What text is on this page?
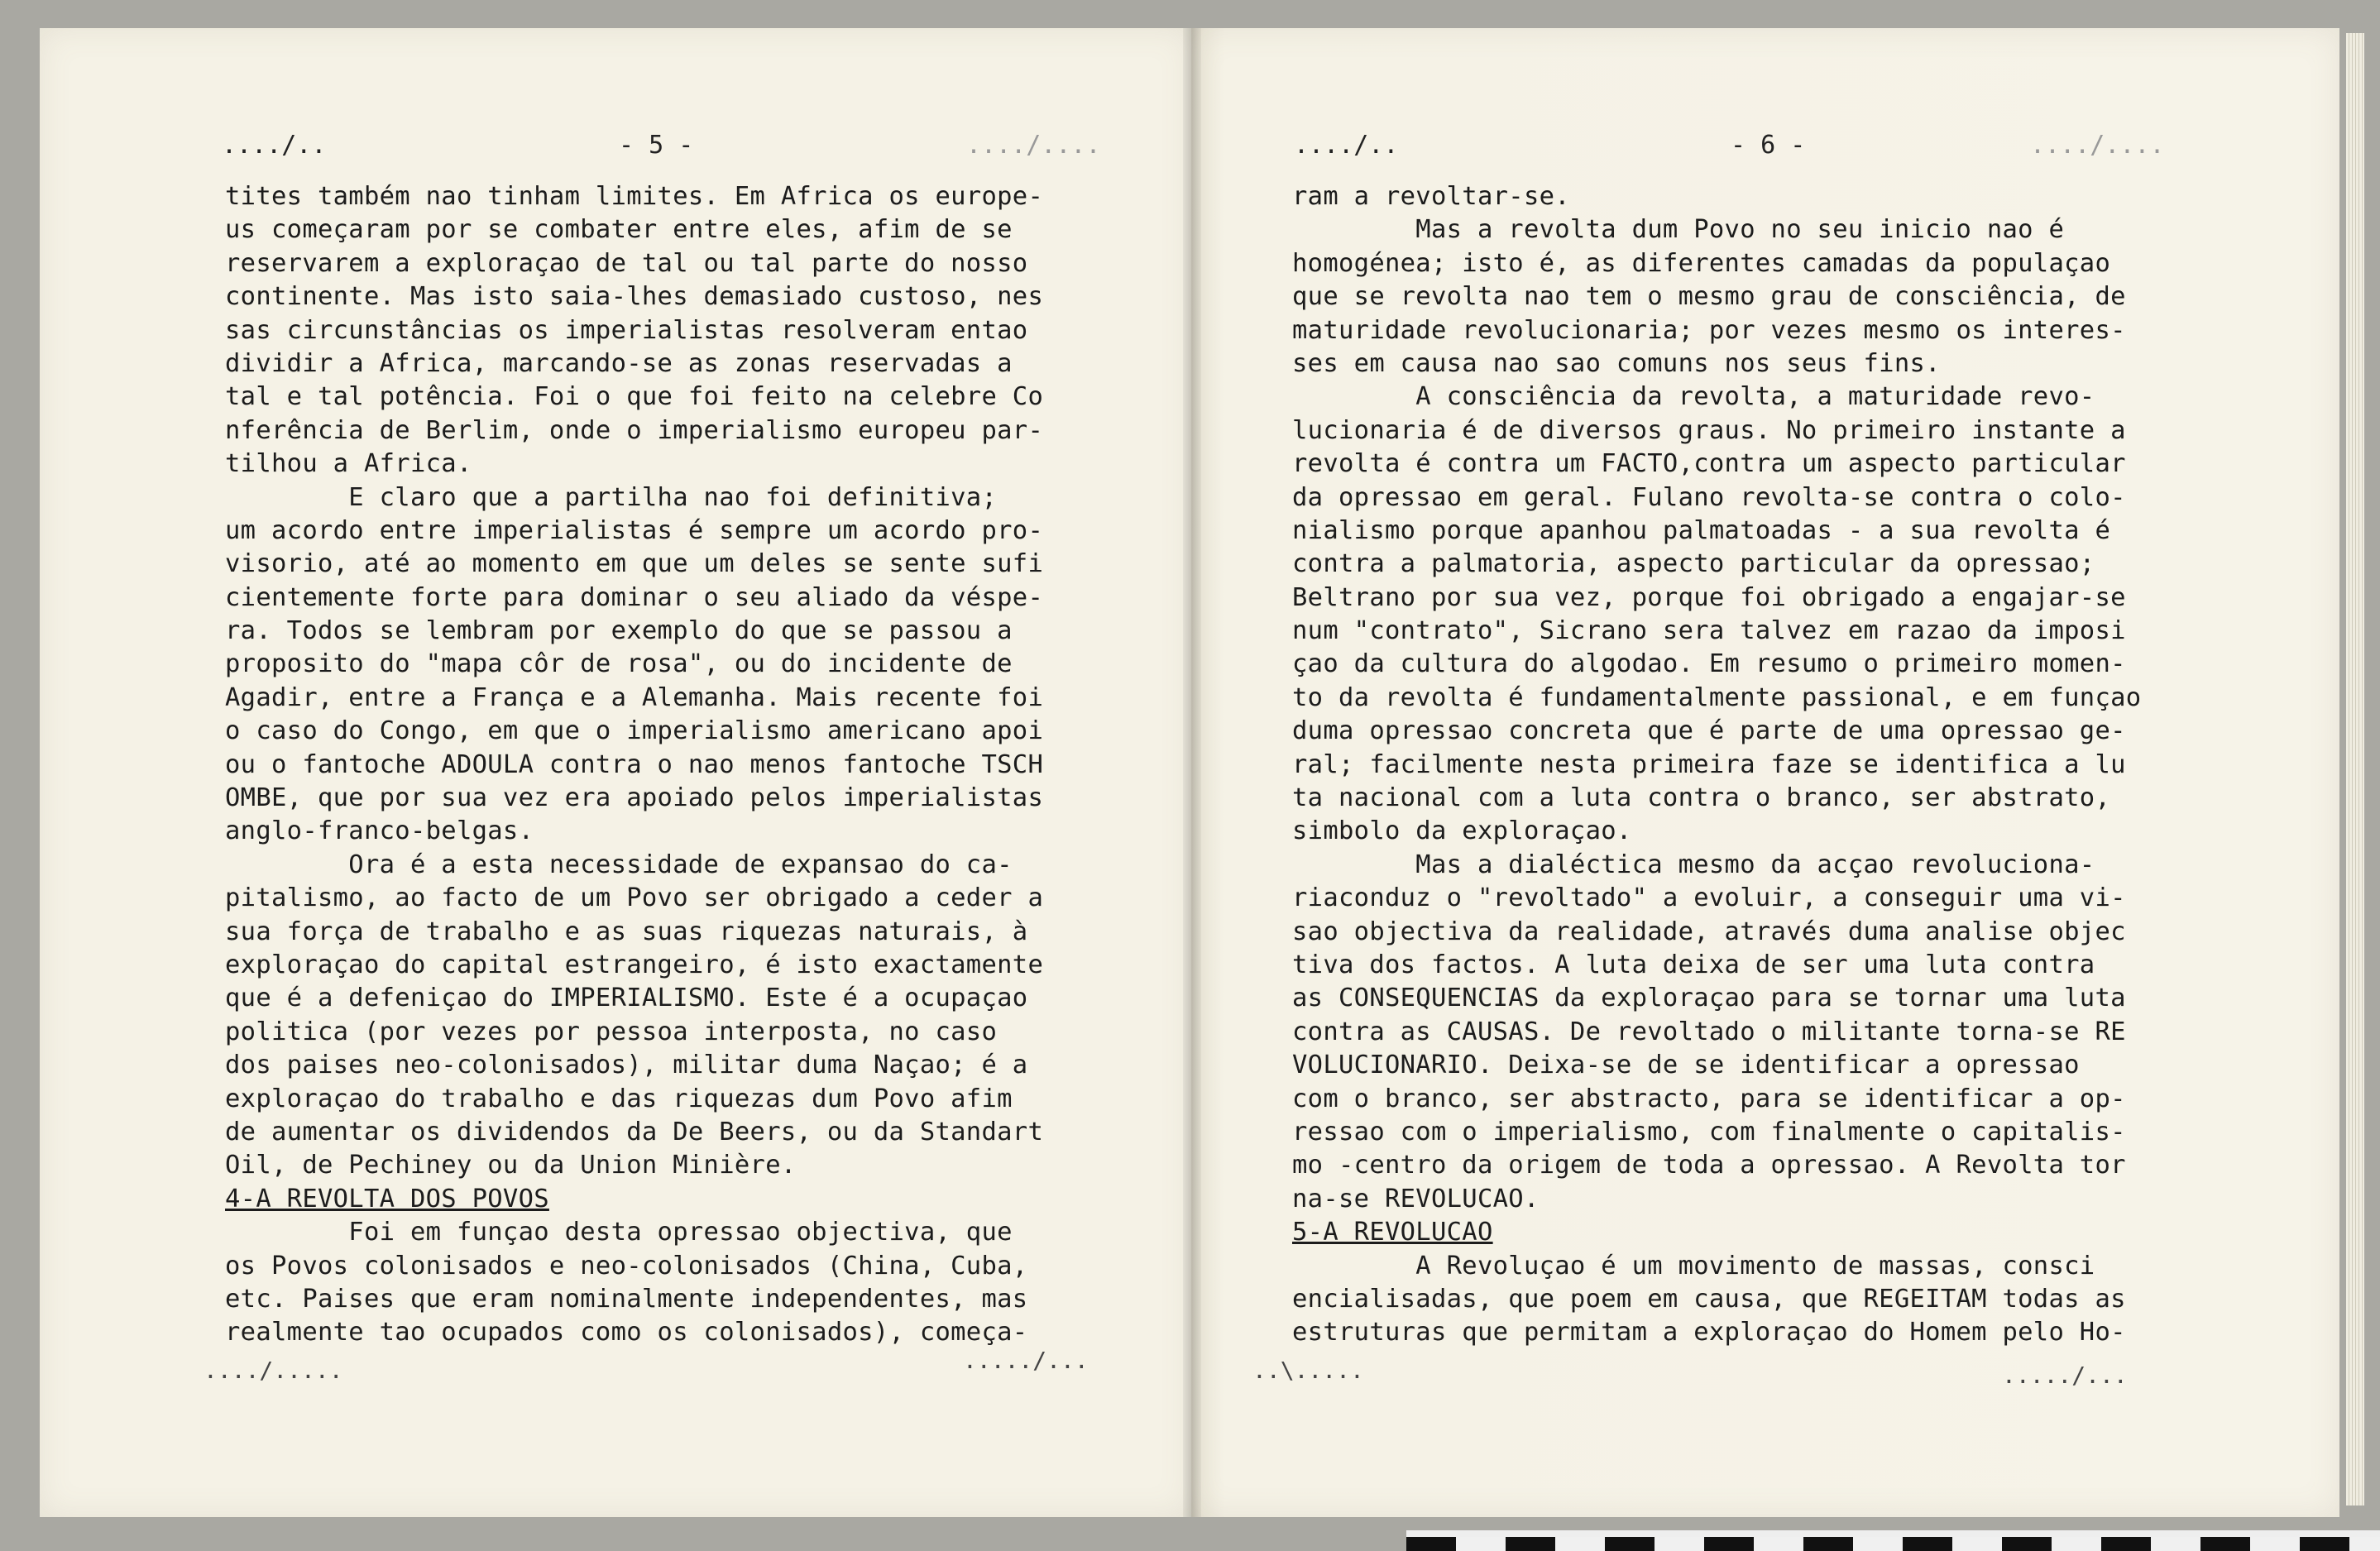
..../..	- 5 -	..../....
tites também nao tinham limites. Em Africa os europe-
us começaram por se combater entre eles, afim de se
reservarem a exploraçao de tal ou tal parte do nosso
continente. Mas isto saia-lhes demasiado custoso, nes
sas circunstâncias os imperialistas resolveram entao
dividir a Africa, marcando-se as zonas reservadas a
tal e tal potência. Foi o que foi feito na celebre Co
nferência de Berlim, onde o imperialismo europeu par-
tilhou a Africa.
E claro que a partilha nao foi definitiva;
um acordo entre imperialistas é sempre um acordo pro-
visorio, até ao momento em que um deles se sente sufi
cientemente forte para dominar o seu aliado da véspe-
ra. Todos se lembram por exemplo do que se passou a
proposito do "mapa côr de rosa", ou do incidente de
Agadir, entre a França e a Alemanha. Mais recente foi
o caso do Congo, em que o imperialismo americano apoi
ou o fantoche ADOULA contra o nao menos fantoche TSCH
OMBE, que por sua vez era apoiado pelos imperialistas
anglo-franco-belgas.
Ora é a esta necessidade de expansao do ca-
pitalismo, ao facto de um Povo ser obrigado a ceder a
sua força de trabalho e as suas riquezas naturais, à
exploraçao do capital estrangeiro, é isto exactamente
que é a defeniçao do IMPERIALISMO. Este é a ocupaçao
politica (por vezes por pessoa interposta, no caso
dos paises neo-colonisados), militar duma Naçao; é a
exploraçao do trabalho e das riquezas dum Povo afim
de aumentar os dividendos da De Beers, ou da Standart
Oil, de Pechiney ou da Union Minière.
4-A REVOLTA DOS POVOS
Foi em funçao desta opressao objectiva, que
os Povos colonisados e neo-colonisados (China, Cuba,
etc. Paises que eram nominalmente independentes, mas
realmente tao ocupados como os colonisados), começa-
..../.....	...../...
..../..	- 6 -	..../....
ram a revoltar-se.
Mas a revolta dum Povo no seu inicio nao é
homogénea; isto é, as diferentes camadas da populaçao
que se revolta nao tem o mesmo grau de consciência, de
maturidade revolucionaria; por vezes mesmo os interes-
ses em causa nao sao comuns nos seus fins.
A consciência da revolta, a maturidade revo-
lucionaria é de diversos graus. No primeiro instante a
revolta é contra um FACTO,contra um aspecto particular
da opressao em geral. Fulano revolta-se contra o colo-
nialismo porque apanhou palmatoadas - a sua revolta é
contra a palmatoria, aspecto particular da opressao;
Beltrano por sua vez, porque foi obrigado a engajar-se
num "contrato", Sicrano sera talvez em razao da imposi
çao da cultura do algodao. Em resumo o primeiro momen-
to da revolta é fundamentalmente passional, e em funçao
duma opressao concreta que é parte de uma opressao ge-
ral; facilmente nesta primeira faze se identifica a lu
ta nacional com a luta contra o branco, ser abstrato,
simbolo da exploraçao.
Mas a dialéctica mesmo da acçao revoluciona-
riaconduz o "revoltado" a evoluir, a conseguir uma vi-
sao objectiva da realidade, através duma analise objec
tiva dos factos. A luta deixa de ser uma luta contra
as CONSEQUENCIAS da exploraçao para se tornar uma luta
contra as CAUSAS. De revoltado o militante torna-se RE
VOLUCIONARIO. Deixa-se de se identificar a opressao
com o branco, ser abstracto, para se identificar a op-
ressao com o imperialismo, com finalmente o capitalis-
mo -centro da origem de toda a opressao. A Revolta tor
na-se REVOLUCAO.
5-A REVOLUCAO
A Revoluçao é um movimento de massas, consci
encialisadas, que poem em causa, que REGEITAM todas as
estruturas que permitam a exploraçao do Homem pelo Ho-
..\.....	...../...
